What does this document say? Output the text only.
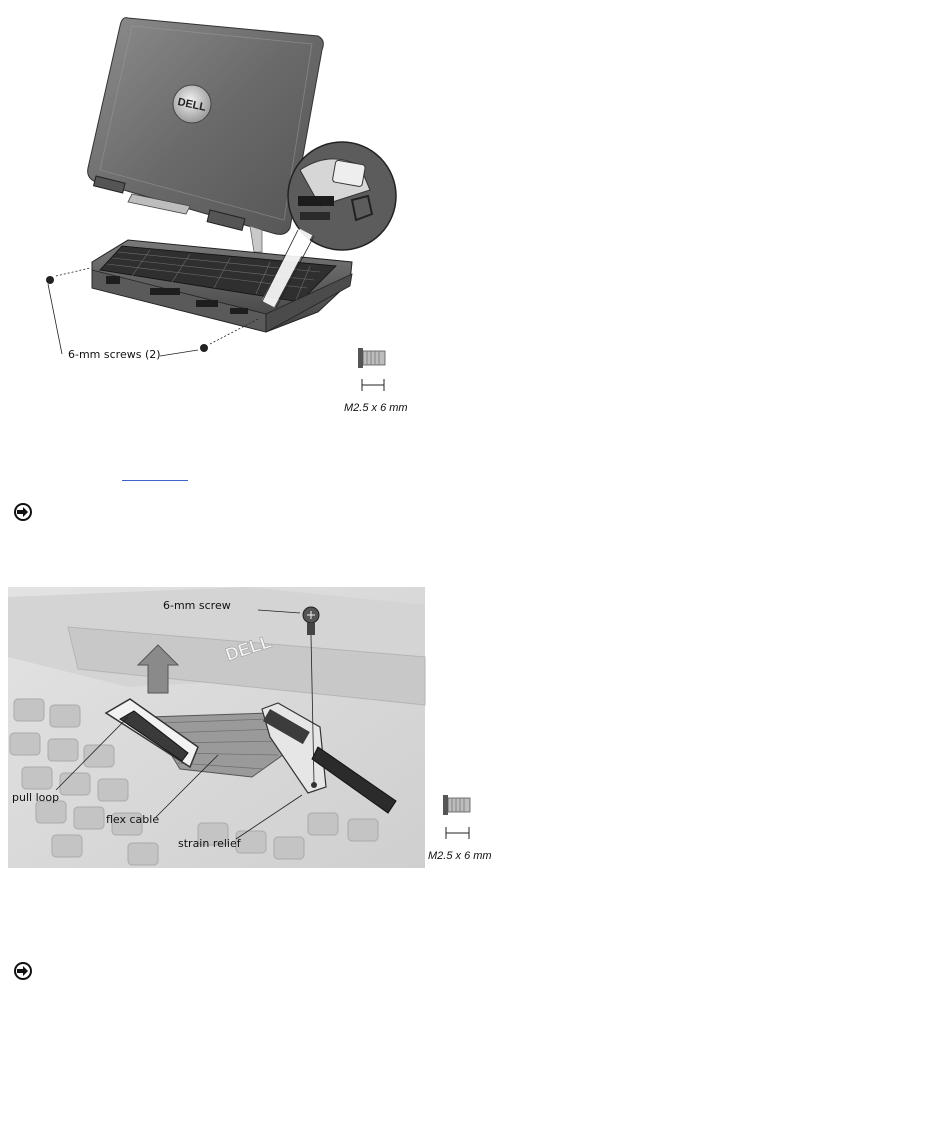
DELL
6-mm screws (2)
M2.5 x 6 mm
DELL
6-mm screw
pull loop
flex cable
strain relief
M2.5 x 6 mm
